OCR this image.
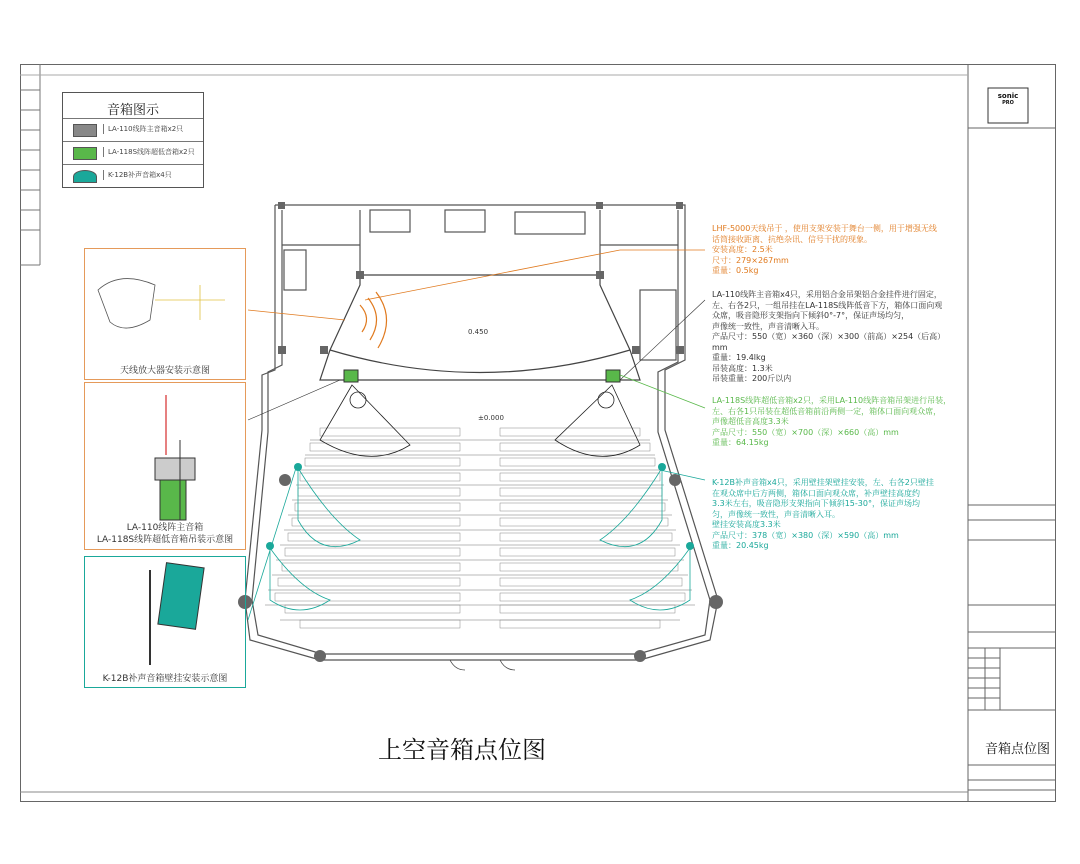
音箱图示
LA-110线阵主音箱x2只
LA-118S线阵超低音箱x2只
K-12B补声音箱x4只
天线放大器安装示意图
LA-110线阵主音箱
LA-118S线阵超低音箱吊装示意图
K-12B补声音箱壁挂安装示意图
LHF-5000天线吊于 ，使用支架安装于舞台一侧，用于增强无线
话筒接收距离、抗绝杂讯、信号干扰的现象。
安装高度：2.5米
尺寸：279×267mm
重量：0.5kg
LA-110线阵主音箱x4只，采用铝合金吊架铝合金挂件进行固定，
左、右各2只，一组吊挂在LA-118S线阵低音下方，箱体口面向观
众席，吸音隐形支架指向下倾斜0°-7°，保证声场均匀，
声像统一致性，声音清晰入耳。
产品尺寸：550（宽）×360（深）×300（前高）×254（后高）
mm
重量：19.4lkg
吊装高度：1.3米
吊装重量：200斤以内
LA-118S线阵超低音箱x2只，采用LA-110线阵音箱吊架进行吊装，
左、右各1只吊装在超低音箱前沿两侧一定，箱体口面向观众席，
声像超低音高度3.3米
产品尺寸：550（宽）×700（深）×660（高）mm
重量：64.15kg
K-12B补声音箱x4只，采用壁挂架壁挂安装，左、右各2只壁挂
在观众席中后方两侧，箱体口面向观众席，补声壁挂高度约
3.3米左右，吸音隐形支架指向下倾斜15-30°，保证声场均
匀，声像统一致性，声音清晰入耳。
壁挂安装高度3.3米
产品尺寸：378（宽）×380（深）×590（高）mm
重量：20.45kg
0.450
±0.000
上空音箱点位图
sonic
PRO
音箱点位图
